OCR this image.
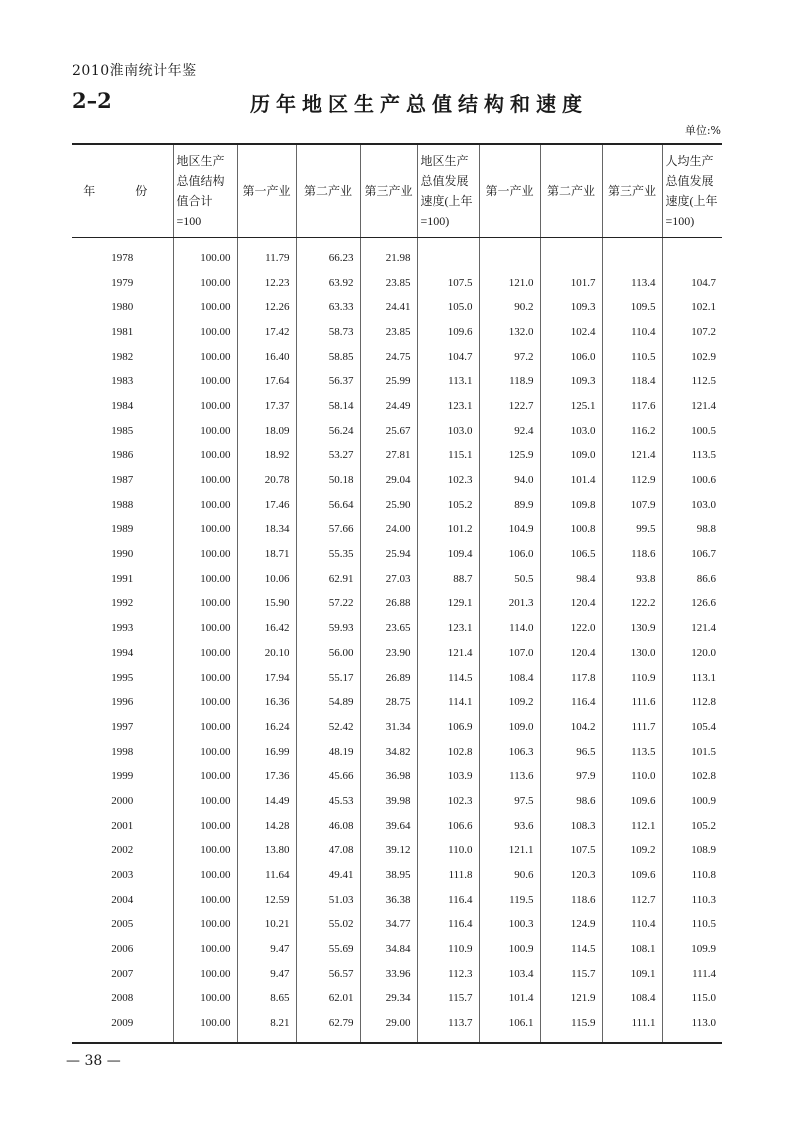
2010淮南统计年鉴
2–2	历年地区生产总值结构和速度
单位:%
年　份	地区生产总值结构值合计=100	第一产业	第二产业	第三产业	地区生产总值发展速度(上年=100)	第一产业	第二产业	第三产业	人均生产总值发展速度(上年=100)
1978	100.00	11.79	66.23	21.98					
1979	100.00	12.23	63.92	23.85	107.5	121.0	101.7	113.4	104.7
1980	100.00	12.26	63.33	24.41	105.0	90.2	109.3	109.5	102.1
1981	100.00	17.42	58.73	23.85	109.6	132.0	102.4	110.4	107.2
1982	100.00	16.40	58.85	24.75	104.7	97.2	106.0	110.5	102.9
1983	100.00	17.64	56.37	25.99	113.1	118.9	109.3	118.4	112.5
1984	100.00	17.37	58.14	24.49	123.1	122.7	125.1	117.6	121.4
1985	100.00	18.09	56.24	25.67	103.0	92.4	103.0	116.2	100.5
1986	100.00	18.92	53.27	27.81	115.1	125.9	109.0	121.4	113.5
1987	100.00	20.78	50.18	29.04	102.3	94.0	101.4	112.9	100.6
1988	100.00	17.46	56.64	25.90	105.2	89.9	109.8	107.9	103.0
1989	100.00	18.34	57.66	24.00	101.2	104.9	100.8	99.5	98.8
1990	100.00	18.71	55.35	25.94	109.4	106.0	106.5	118.6	106.7
1991	100.00	10.06	62.91	27.03	88.7	50.5	98.4	93.8	86.6
1992	100.00	15.90	57.22	26.88	129.1	201.3	120.4	122.2	126.6
1993	100.00	16.42	59.93	23.65	123.1	114.0	122.0	130.9	121.4
1994	100.00	20.10	56.00	23.90	121.4	107.0	120.4	130.0	120.0
1995	100.00	17.94	55.17	26.89	114.5	108.4	117.8	110.9	113.1
1996	100.00	16.36	54.89	28.75	114.1	109.2	116.4	111.6	112.8
1997	100.00	16.24	52.42	31.34	106.9	109.0	104.2	111.7	105.4
1998	100.00	16.99	48.19	34.82	102.8	106.3	96.5	113.5	101.5
1999	100.00	17.36	45.66	36.98	103.9	113.6	97.9	110.0	102.8
2000	100.00	14.49	45.53	39.98	102.3	97.5	98.6	109.6	100.9
2001	100.00	14.28	46.08	39.64	106.6	93.6	108.3	112.1	105.2
2002	100.00	13.80	47.08	39.12	110.0	121.1	107.5	109.2	108.9
2003	100.00	11.64	49.41	38.95	111.8	90.6	120.3	109.6	110.8
2004	100.00	12.59	51.03	36.38	116.4	119.5	118.6	112.7	110.3
2005	100.00	10.21	55.02	34.77	116.4	100.3	124.9	110.4	110.5
2006	100.00	9.47	55.69	34.84	110.9	100.9	114.5	108.1	109.9
2007	100.00	9.47	56.57	33.96	112.3	103.4	115.7	109.1	111.4
2008	100.00	8.65	62.01	29.34	115.7	101.4	121.9	108.4	115.0
2009	100.00	8.21	62.79	29.00	113.7	106.1	115.9	111.1	113.0
— 38 —
